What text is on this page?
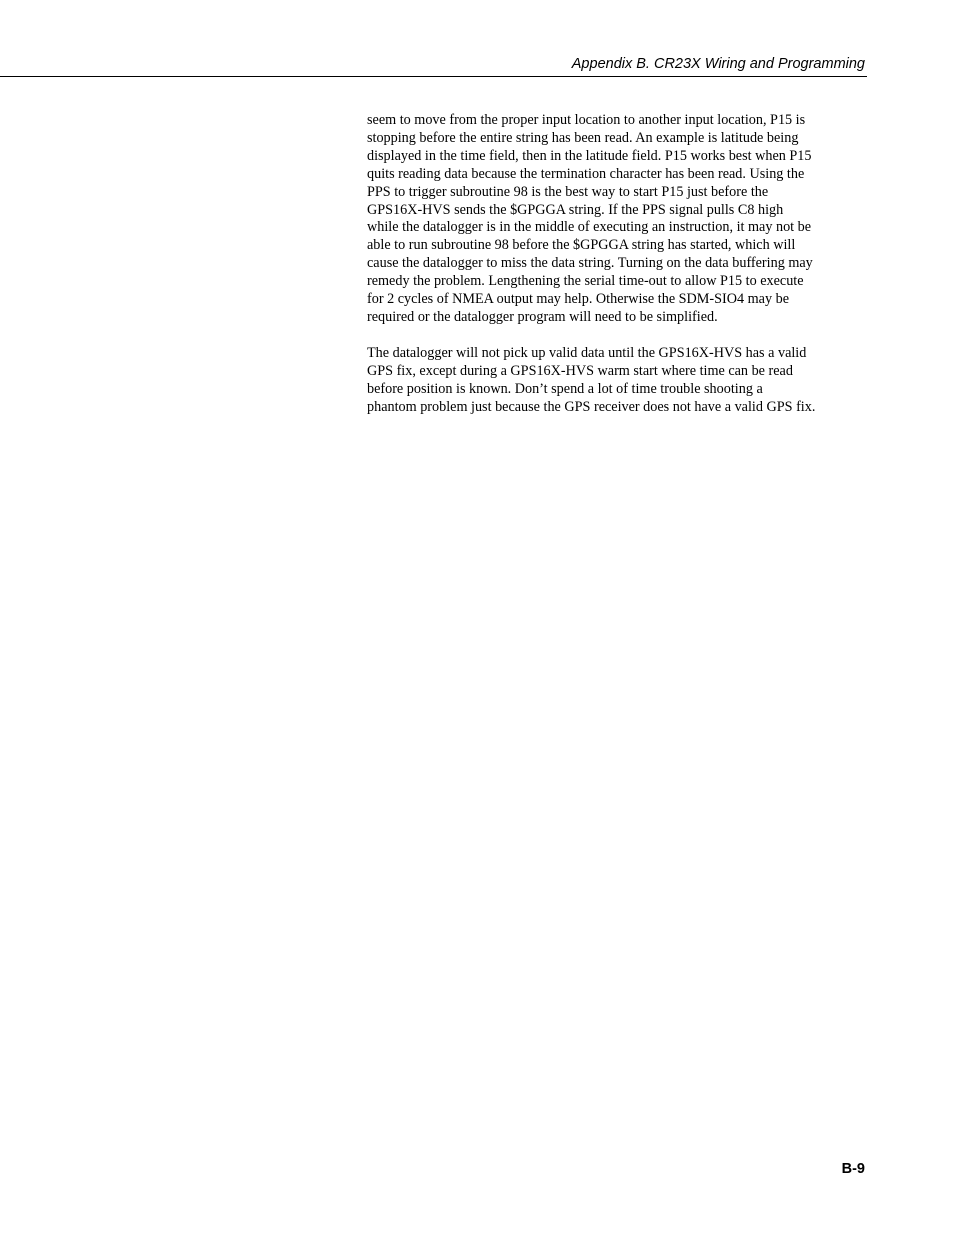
Appendix B. CR23X Wiring and Programming

seem to move from the proper input location to another input location, P15 is
stopping before the entire string has been read. An example is latitude being
displayed in the time field, then in the latitude field. P15 works best when P15
quits reading data because the termination character has been read. Using the
PPS to trigger subroutine 98 is the best way to start P15 just before the
GPS16X-HVS sends the $GPGGA string. If the PPS signal pulls C8 high
while the datalogger is in the middle of executing an instruction, it may not be
able to run subroutine 98 before the $GPGGA string has started, which will
cause the datalogger to miss the data string. Turning on the data buffering may
remedy the problem. Lengthening the serial time-out to allow P15 to execute
for 2 cycles of NMEA output may help. Otherwise the SDM-SIO4 may be
required or the datalogger program will need to be simplified.

The datalogger will not pick up valid data until the GPS16X-HVS has a valid
GPS fix, except during a GPS16X-HVS warm start where time can be read
before position is known. Don’t spend a lot of time trouble shooting a
phantom problem just because the GPS receiver does not have a valid GPS fix.

B-9
